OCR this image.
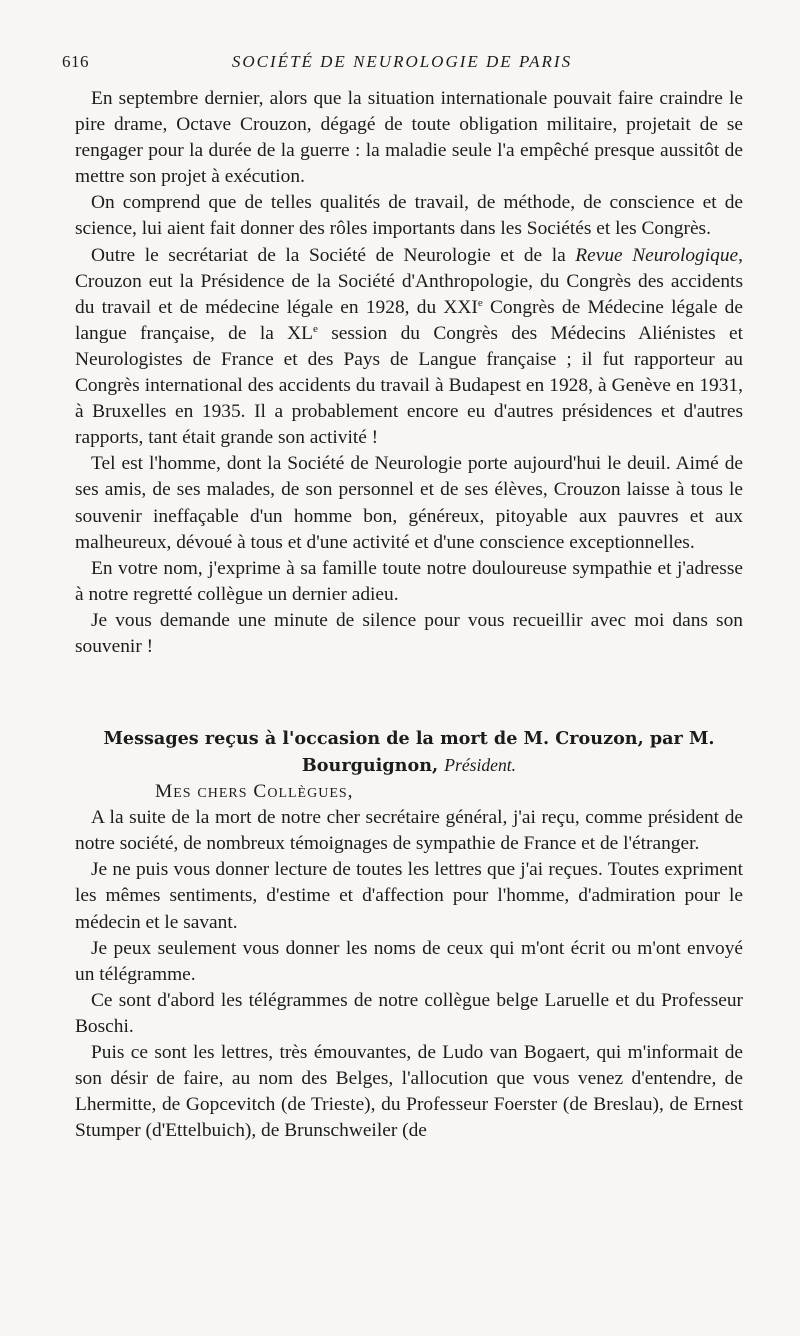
616	SOCIÉTÉ DE NEUROLOGIE DE PARIS

En septembre dernier, alors que la situation internationale pouvait faire craindre le pire drame, Octave Crouzon, dégagé de toute obligation militaire, projetait de se rengager pour la durée de la guerre : la maladie seule l'a empêché presque aussitôt de mettre son projet à exécution.

On comprend que de telles qualités de travail, de méthode, de conscience et de science, lui aient fait donner des rôles importants dans les Sociétés et les Congrès.

Outre le secrétariat de la Société de Neurologie et de la Revue Neurologique, Crouzon eut la Présidence de la Société d'Anthropologie, du Congrès des accidents du travail et de médecine légale en 1928, du XXIe Congrès de Médecine légale de langue française, de la XLe session du Congrès des Médecins Aliénistes et Neurologistes de France et des Pays de Langue française ; il fut rapporteur au Congrès international des accidents du travail à Budapest en 1928, à Genève en 1931, à Bruxelles en 1935. Il a probablement encore eu d'autres présidences et d'autres rapports, tant était grande son activité !

Tel est l'homme, dont la Société de Neurologie porte aujourd'hui le deuil. Aimé de ses amis, de ses malades, de son personnel et de ses élèves, Crouzon laisse à tous le souvenir ineffaçable d'un homme bon, généreux, pitoyable aux pauvres et aux malheureux, dévoué à tous et d'une activité et d'une conscience exceptionnelles.

En votre nom, j'exprime à sa famille toute notre douloureuse sympathie et j'adresse à notre regretté collègue un dernier adieu.

Je vous demande une minute de silence pour vous recueillir avec moi dans son souvenir !

Messages reçus à l'occasion de la mort de M. Crouzon, par M. Bourguignon, Président.

Mes chers Collègues,

A la suite de la mort de notre cher secrétaire général, j'ai reçu, comme président de notre société, de nombreux témoignages de sympathie de France et de l'étranger.

Je ne puis vous donner lecture de toutes les lettres que j'ai reçues. Toutes expriment les mêmes sentiments, d'estime et d'affection pour l'homme, d'admiration pour le médecin et le savant.

Je peux seulement vous donner les noms de ceux qui m'ont écrit ou m'ont envoyé un télégramme.

Ce sont d'abord les télégrammes de notre collègue belge Laruelle et du Professeur Boschi.

Puis ce sont les lettres, très émouvantes, de Ludo van Bogaert, qui m'informait de son désir de faire, au nom des Belges, l'allocution que vous venez d'entendre, de Lhermitte, de Gopcevitch (de Trieste), du Professeur Foerster (de Breslau), de Ernest Stumper (d'Ettelbuich), de Brunschweiler (de
